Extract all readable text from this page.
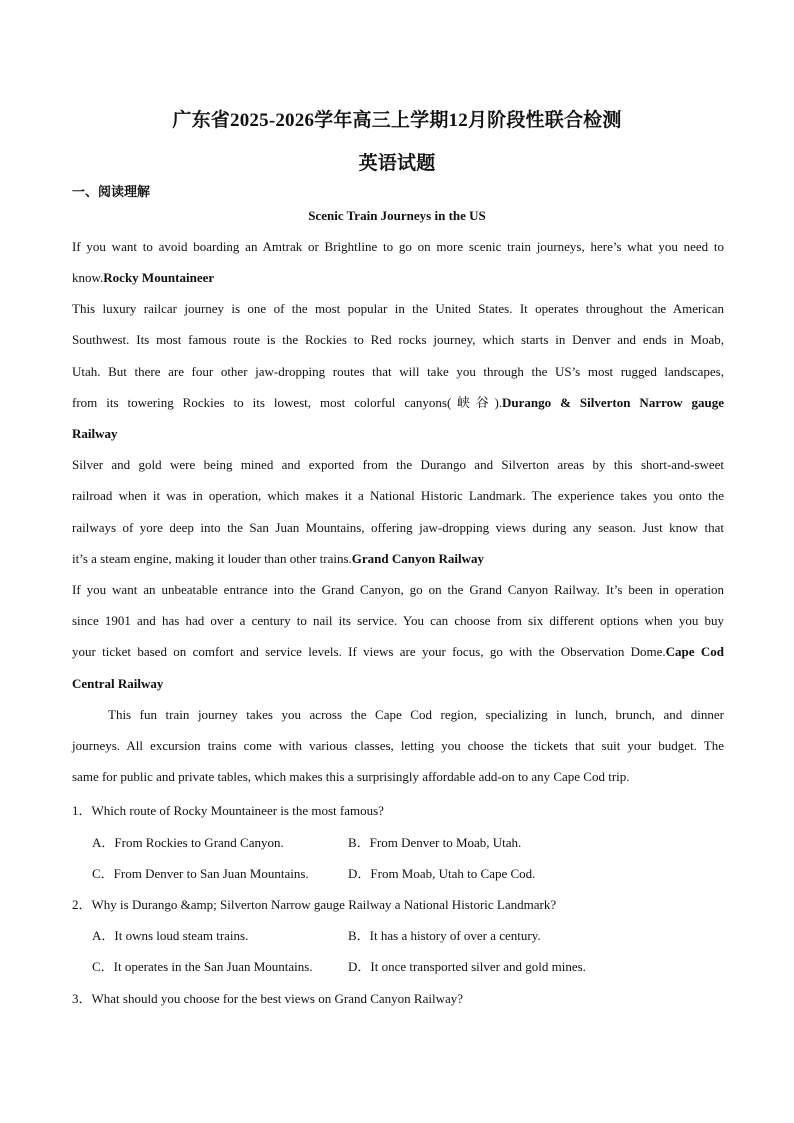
广东省2025-2026学年高三上学期12月阶段性联合检测
英语试题
一、阅读理解
Scenic Train Journeys in the US
If you want to avoid boarding an Amtrak or Brightline to go on more scenic train journeys, here’s what you need to
know.Rocky Mountaineer
This luxury railcar journey is one of the most popular in the United States. It operates throughout the American
Southwest. Its most famous route is the Rockies to Red rocks journey, which starts in Denver and ends in Moab,
Utah. But there are four other jaw-dropping routes that will take you through the US’s most rugged landscapes,
from its towering Rockies to its lowest, most colorful canyons(峡谷).Durango & Silverton Narrow gauge
Railway
Silver and gold were being mined and exported from the Durango and Silverton areas by this short-and-sweet
railroad when it was in operation, which makes it a National Historic Landmark. The experience takes you onto the
railways of yore deep into the San Juan Mountains, offering jaw-dropping views during any season. Just know that
it’s a steam engine, making it louder than other trains.Grand Canyon Railway
If you want an unbeatable entrance into the Grand Canyon, go on the Grand Canyon Railway. It’s been in operation
since 1901 and has had over a century to nail its service. You can choose from six different options when you buy
your ticket based on comfort and service levels. If views are your focus, go with the Observation Dome.Cape Cod
Central Railway
This fun train journey takes you across the Cape Cod region, specializing in lunch, brunch, and dinner
journeys. All excursion trains come with various classes, letting you choose the tickets that suit your budget. The
same for public and private tables, which makes this a surprisingly affordable add-on to any Cape Cod trip.
1．Which route of Rocky Mountaineer is the most famous?
A．From Rockies to Grand Canyon.	B．From Denver to Moab, Utah.
C．From Denver to San Juan Mountains.	D．From Moab, Utah to Cape Cod.
2．Why is Durango &amp; Silverton Narrow gauge Railway a National Historic Landmark?
A．It owns loud steam trains.	B．It has a history of over a century.
C．It operates in the San Juan Mountains.	D．It once transported silver and gold mines.
3．What should you choose for the best views on Grand Canyon Railway?
